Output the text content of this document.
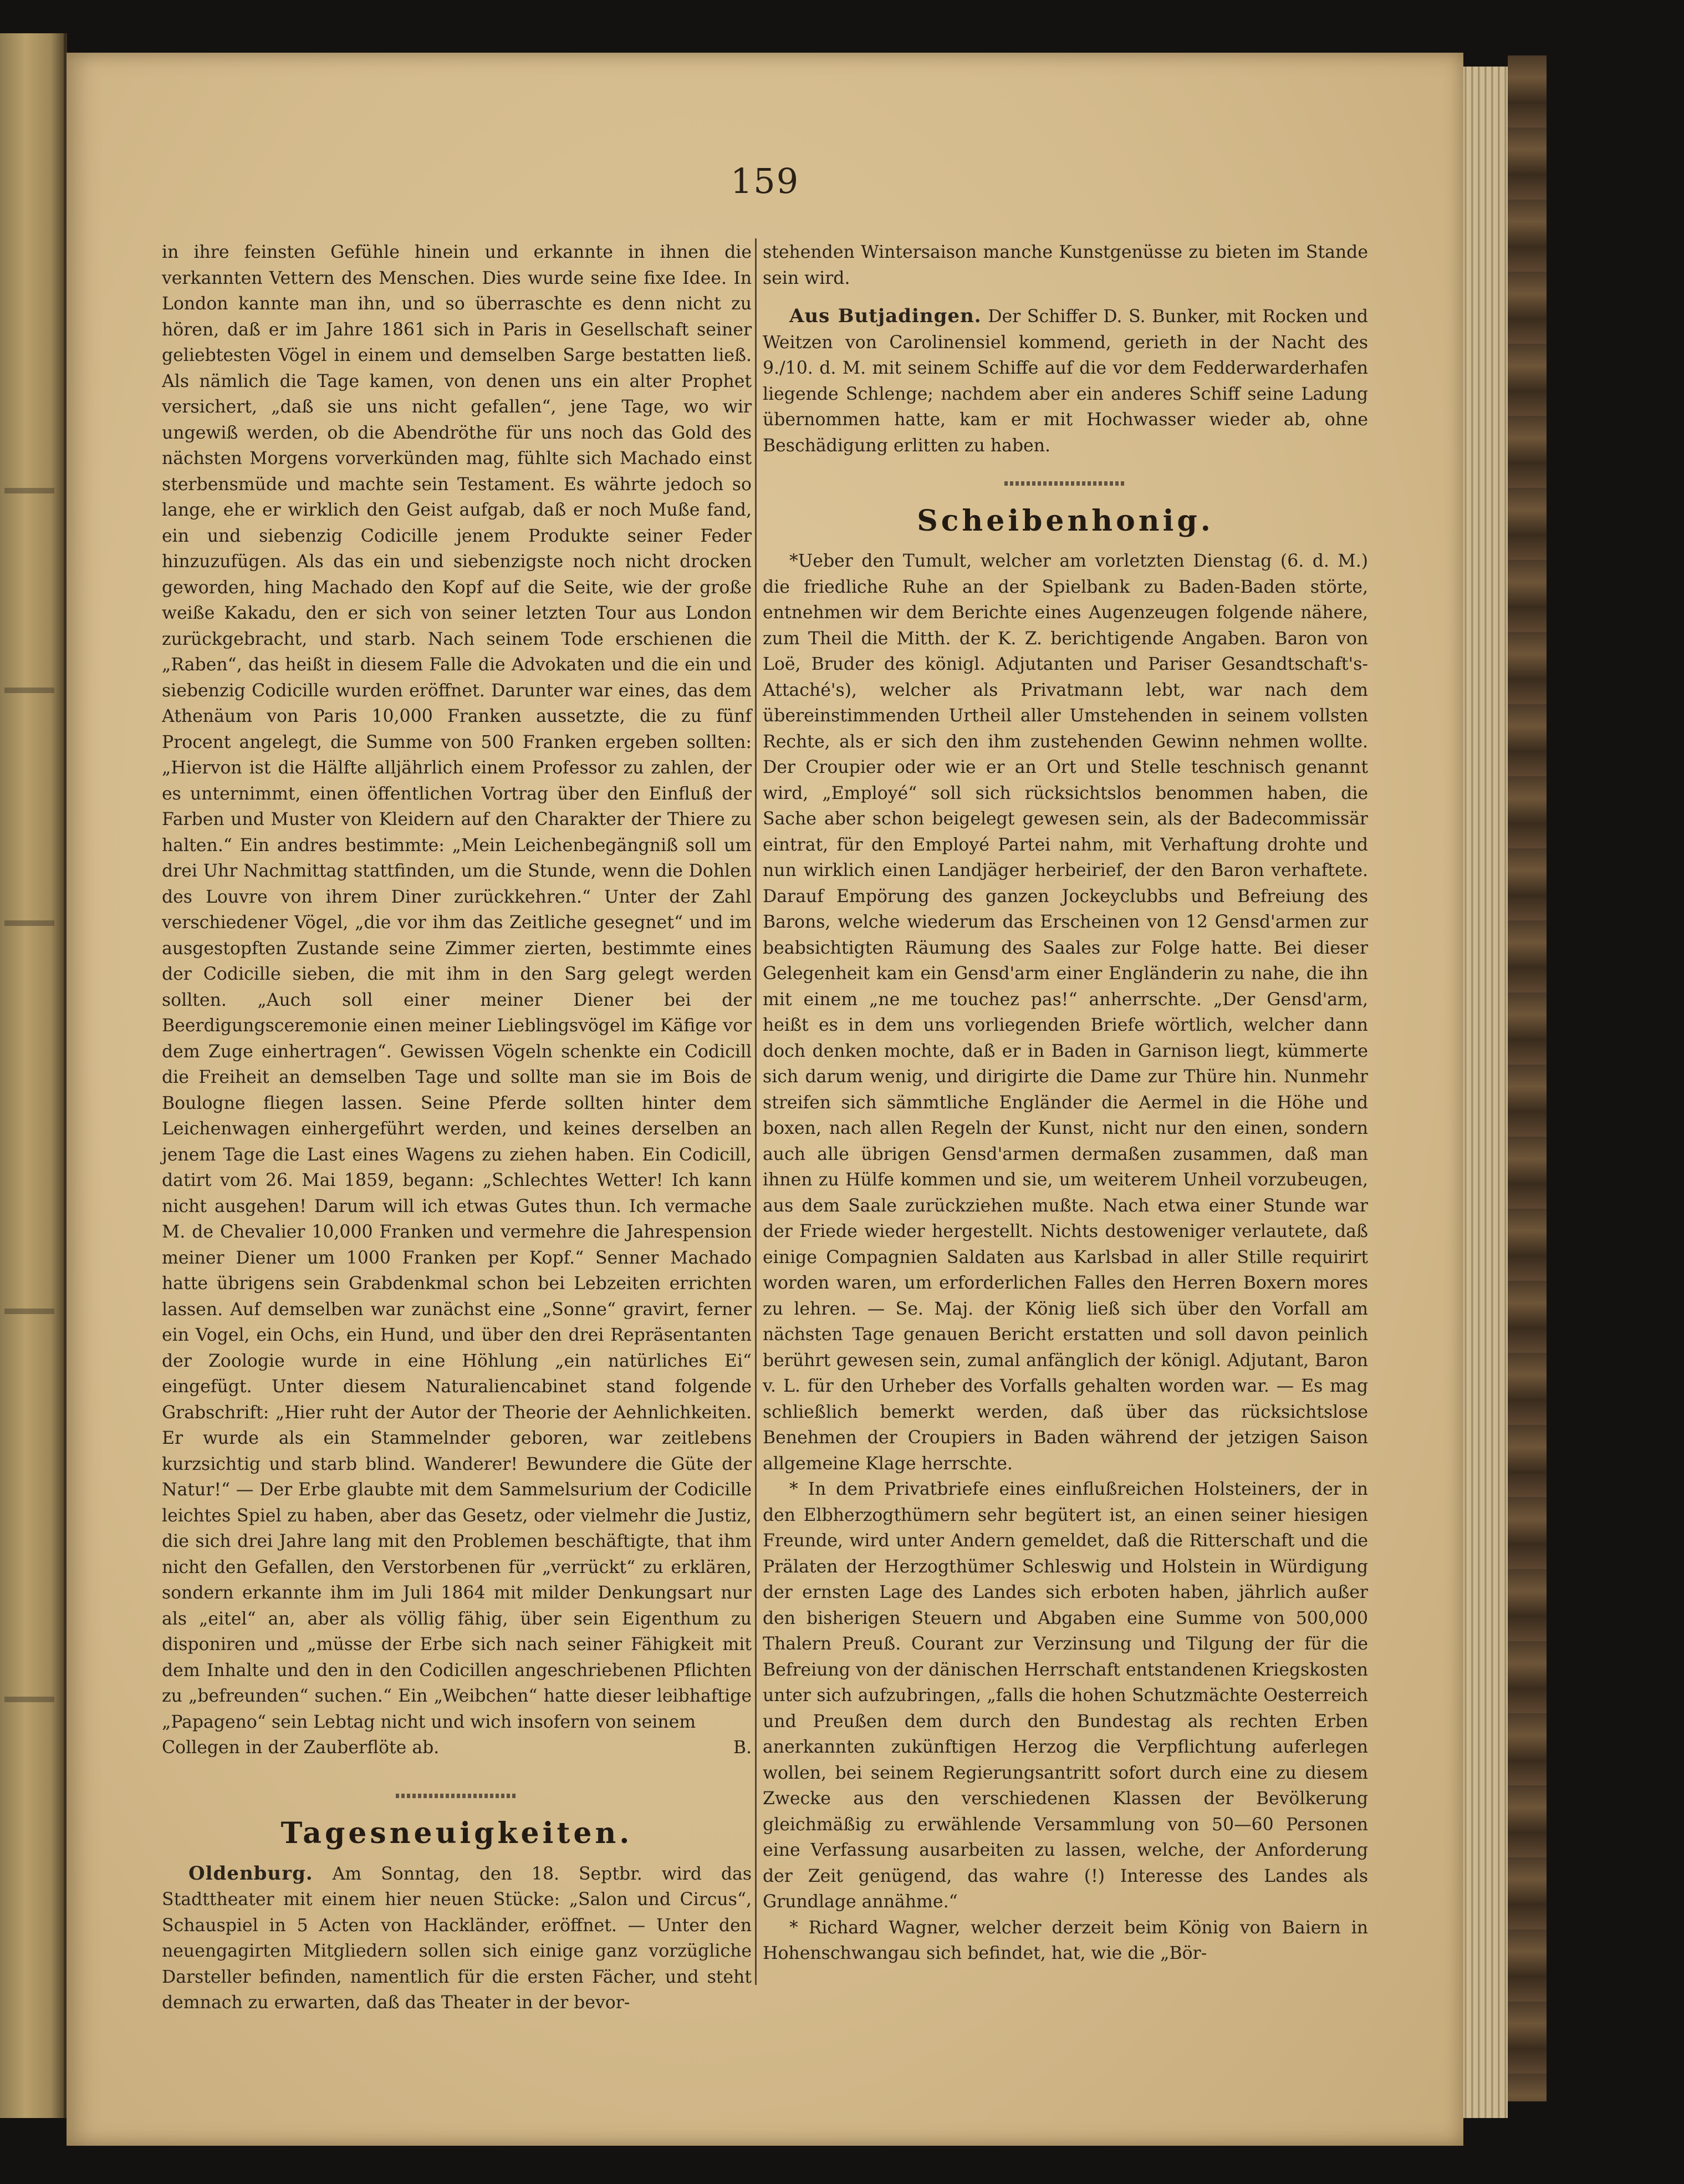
159

in ihre feinsten Gefühle hinein und erkannte in ihnen die verkannten Vettern des Menschen. Dies wurde seine fixe Idee. In London kannte man ihn, und so überraschte es denn nicht zu hören, daß er im Jahre 1861 sich in Paris in Gesellschaft seiner geliebtesten Vögel in einem und demselben Sarge bestatten ließ. Als nämlich die Tage kamen, von denen uns ein alter Prophet versichert, „daß sie uns nicht gefallen“, jene Tage, wo wir ungewiß werden, ob die Abendröthe für uns noch das Gold des nächsten Morgens vorverkünden mag, fühlte sich Machado einst sterbensmüde und machte sein Testament. Es währte jedoch so lange, ehe er wirklich den Geist aufgab, daß er noch Muße fand, ein und siebenzig Codicille jenem Produkte seiner Feder hinzuzufügen. Als das ein und siebenzigste noch nicht drocken geworden, hing Machado den Kopf auf die Seite, wie der große weiße Kakadu, den er sich von seiner letzten Tour aus London zurückgebracht, und starb. Nach seinem Tode erschienen die „Raben“, das heißt in diesem Falle die Advokaten und die ein und siebenzig Codicille wurden eröffnet. Darunter war eines, das dem Athenäum von Paris 10,000 Franken aussetzte, die zu fünf Procent angelegt, die Summe von 500 Franken ergeben sollten: „Hiervon ist die Hälfte alljährlich einem Professor zu zahlen, der es unternimmt, einen öffentlichen Vortrag über den Einfluß der Farben und Muster von Kleidern auf den Charakter der Thiere zu halten.“ Ein andres bestimmte: „Mein Leichenbegängniß soll um drei Uhr Nachmittag stattfinden, um die Stunde, wenn die Dohlen des Louvre von ihrem Diner zurückkehren.“ Unter der Zahl verschiedener Vögel, „die vor ihm das Zeitliche gesegnet“ und im ausgestopften Zustande seine Zimmer zierten, bestimmte eines der Codicille sieben, die mit ihm in den Sarg gelegt werden sollten. „Auch soll einer meiner Diener bei der Beerdigungsceremonie einen meiner Lieblingsvögel im Käfige vor dem Zuge einhertragen“. Gewissen Vögeln schenkte ein Codicill die Freiheit an demselben Tage und sollte man sie im Bois de Boulogne fliegen lassen. Seine Pferde sollten hinter dem Leichenwagen einhergeführt werden, und keines derselben an jenem Tage die Last eines Wagens zu ziehen haben. Ein Codicill, datirt vom 26. Mai 1859, begann: „Schlechtes Wetter! Ich kann nicht ausgehen! Darum will ich etwas Gutes thun. Ich vermache M. de Chevalier 10,000 Franken und vermehre die Jahrespension meiner Diener um 1000 Franken per Kopf.“ Senner Machado hatte übrigens sein Grabdenkmal schon bei Lebzeiten errichten lassen. Auf demselben war zunächst eine „Sonne“ gravirt, ferner ein Vogel, ein Ochs, ein Hund, und über den drei Repräsentanten der Zoologie wurde in eine Höhlung „ein natürliches Ei“ eingefügt. Unter diesem Naturaliencabinet stand folgende Grabschrift: „Hier ruht der Autor der Theorie der Aehnlichkeiten. Er wurde als ein Stammelnder geboren, war zeitlebens kurzsichtig und starb blind. Wanderer! Bewundere die Güte der Natur!“ — Der Erbe glaubte mit dem Sammelsurium der Codicille leichtes Spiel zu haben, aber das Gesetz, oder vielmehr die Justiz, die sich drei Jahre lang mit den Problemen beschäftigte, that ihm nicht den Gefallen, den Verstorbenen für „verrückt“ zu erklären, sondern erkannte ihm im Juli 1864 mit milder Denkungsart nur als „eitel“ an, aber als völlig fähig, über sein Eigenthum zu disponiren und „müsse der Erbe sich nach seiner Fähigkeit mit dem Inhalte und den in den Codicillen angeschriebenen Pflichten zu „befreunden“ suchen.“ Ein „Weibchen“ hatte dieser leibhaftige „Papageno“ sein Lebtag nicht und wich insofern von seinem

Collegen in der Zauberflöte ab.	B.

Tagesneuigkeiten.

Oldenburg. Am Sonntag, den 18. Septbr. wird das Stadttheater mit einem hier neuen Stücke: „Salon und Circus“, Schauspiel in 5 Acten von Hackländer, eröffnet. — Unter den neuengagirten Mitgliedern sollen sich einige ganz vorzügliche Darsteller befinden, namentlich für die ersten Fächer, und steht demnach zu erwarten, daß das Theater in der bevor-

stehenden Wintersaison manche Kunstgenüsse zu bieten im Stande sein wird.

Aus Butjadingen. Der Schiffer D. S. Bunker, mit Rocken und Weitzen von Carolinensiel kommend, gerieth in der Nacht des 9./10. d. M. mit seinem Schiffe auf die vor dem Fedderwarderhafen liegende Schlenge; nachdem aber ein anderes Schiff seine Ladung übernommen hatte, kam er mit Hochwasser wieder ab, ohne Beschädigung erlitten zu haben.

Scheibenhonig.

*Ueber den Tumult, welcher am vorletzten Dienstag (6. d. M.) die friedliche Ruhe an der Spielbank zu Baden-Baden störte, entnehmen wir dem Berichte eines Augenzeugen folgende nähere, zum Theil die Mitth. der K. Z. berichtigende Angaben. Baron von Loë, Bruder des königl. Adjutanten und Pariser Gesandtschaft's-Attaché's), welcher als Privatmann lebt, war nach dem übereinstimmenden Urtheil aller Umstehenden in seinem vollsten Rechte, als er sich den ihm zustehenden Gewinn nehmen wollte. Der Croupier oder wie er an Ort und Stelle teschnisch genannt wird, „Employé“ soll sich rücksichtslos benommen haben, die Sache aber schon beigelegt gewesen sein, als der Badecommissär eintrat, für den Employé Partei nahm, mit Verhaftung drohte und nun wirklich einen Landjäger herbeirief, der den Baron verhaftete. Darauf Empörung des ganzen Jockeyclubbs und Befreiung des Barons, welche wiederum das Erscheinen von 12 Gensd'armen zur beabsichtigten Räumung des Saales zur Folge hatte. Bei dieser Gelegenheit kam ein Gensd'arm einer Engländerin zu nahe, die ihn mit einem „ne me touchez pas!“ anherrschte. „Der Gensd'arm, heißt es in dem uns vorliegenden Briefe wörtlich, welcher dann doch denken mochte, daß er in Baden in Garnison liegt, kümmerte sich darum wenig, und dirigirte die Dame zur Thüre hin. Nunmehr streifen sich sämmtliche Engländer die Aermel in die Höhe und boxen, nach allen Regeln der Kunst, nicht nur den einen, sondern auch alle übrigen Gensd'armen dermaßen zusammen, daß man ihnen zu Hülfe kommen und sie, um weiterem Unheil vorzubeugen, aus dem Saale zurückziehen mußte. Nach etwa einer Stunde war der Friede wieder hergestellt. Nichts destoweniger verlautete, daß einige Compagnien Saldaten aus Karlsbad in aller Stille requirirt worden waren, um erforderlichen Falles den Herren Boxern mores zu lehren. — Se. Maj. der König ließ sich über den Vorfall am nächsten Tage genauen Bericht erstatten und soll davon peinlich berührt gewesen sein, zumal anfänglich der königl. Adjutant, Baron v. L. für den Urheber des Vorfalls gehalten worden war. — Es mag schließlich bemerkt werden, daß über das rücksichtslose Benehmen der Croupiers in Baden während der jetzigen Saison allgemeine Klage herrschte.

* In dem Privatbriefe eines einflußreichen Holsteiners, der in den Elbherzogthümern sehr begütert ist, an einen seiner hiesigen Freunde, wird unter Andern gemeldet, daß die Ritterschaft und die Prälaten der Herzogthümer Schleswig und Holstein in Würdigung der ernsten Lage des Landes sich erboten haben, jährlich außer den bisherigen Steuern und Abgaben eine Summe von 500,000 Thalern Preuß. Courant zur Verzinsung und Tilgung der für die Befreiung von der dänischen Herrschaft entstandenen Kriegskosten unter sich aufzubringen, „falls die hohen Schutzmächte Oesterreich und Preußen dem durch den Bundestag als rechten Erben anerkannten zukünftigen Herzog die Verpflichtung auferlegen wollen, bei seinem Regierungsantritt sofort durch eine zu diesem Zwecke aus den verschiedenen Klassen der Bevölkerung gleichmäßig zu erwählende Versammlung von 50—60 Personen eine Verfassung ausarbeiten zu lassen, welche, der Anforderung der Zeit genügend, das wahre (!) Interesse des Landes als Grundlage annähme.“

* Richard Wagner, welcher derzeit beim König von Baiern in Hohenschwangau sich befindet, hat, wie die „Bör-
